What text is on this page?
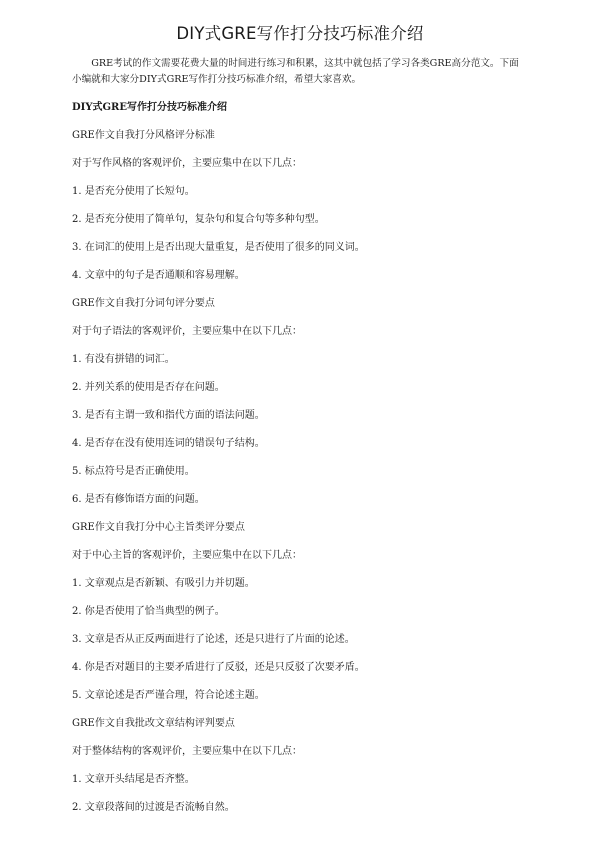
DIY式GRE写作打分技巧标准介绍

GRE考试的作文需要花费大量的时间进行练习和积累，这其中就包括了学习各类GRE高分范文。下面小编就和大家分DIY式GRE写作打分技巧标准介绍，希望大家喜欢。

DIY式GRE写作打分技巧标准介绍

GRE作文自我打分风格评分标准

对于写作风格的客观评价，主要应集中在以下几点：

1. 是否充分使用了长短句。

2. 是否充分使用了简单句，复杂句和复合句等多种句型。

3. 在词汇的使用上是否出现大量重复，是否使用了很多的同义词。

4. 文章中的句子是否通顺和容易理解。

GRE作文自我打分词句评分要点

对于句子语法的客观评价，主要应集中在以下几点：

1. 有没有拼错的词汇。

2. 并列关系的使用是否存在问题。

3. 是否有主谓一致和指代方面的语法问题。

4. 是否存在没有使用连词的错误句子结构。

5. 标点符号是否正确使用。

6. 是否有修饰语方面的问题。

GRE作文自我打分中心主旨类评分要点

对于中心主旨的客观评价，主要应集中在以下几点：

1. 文章观点是否新颖、有吸引力并切题。

2. 你是否使用了恰当典型的例子。

3. 文章是否从正反两面进行了论述，还是只进行了片面的论述。

4. 你是否对题目的主要矛盾进行了反驳，还是只反驳了次要矛盾。

5. 文章论述是否严谨合理，符合论述主题。

GRE作文自我批改文章结构评判要点

对于整体结构的客观评价，主要应集中在以下几点：

1. 文章开头结尾是否齐整。

2. 文章段落间的过渡是否流畅自然。
